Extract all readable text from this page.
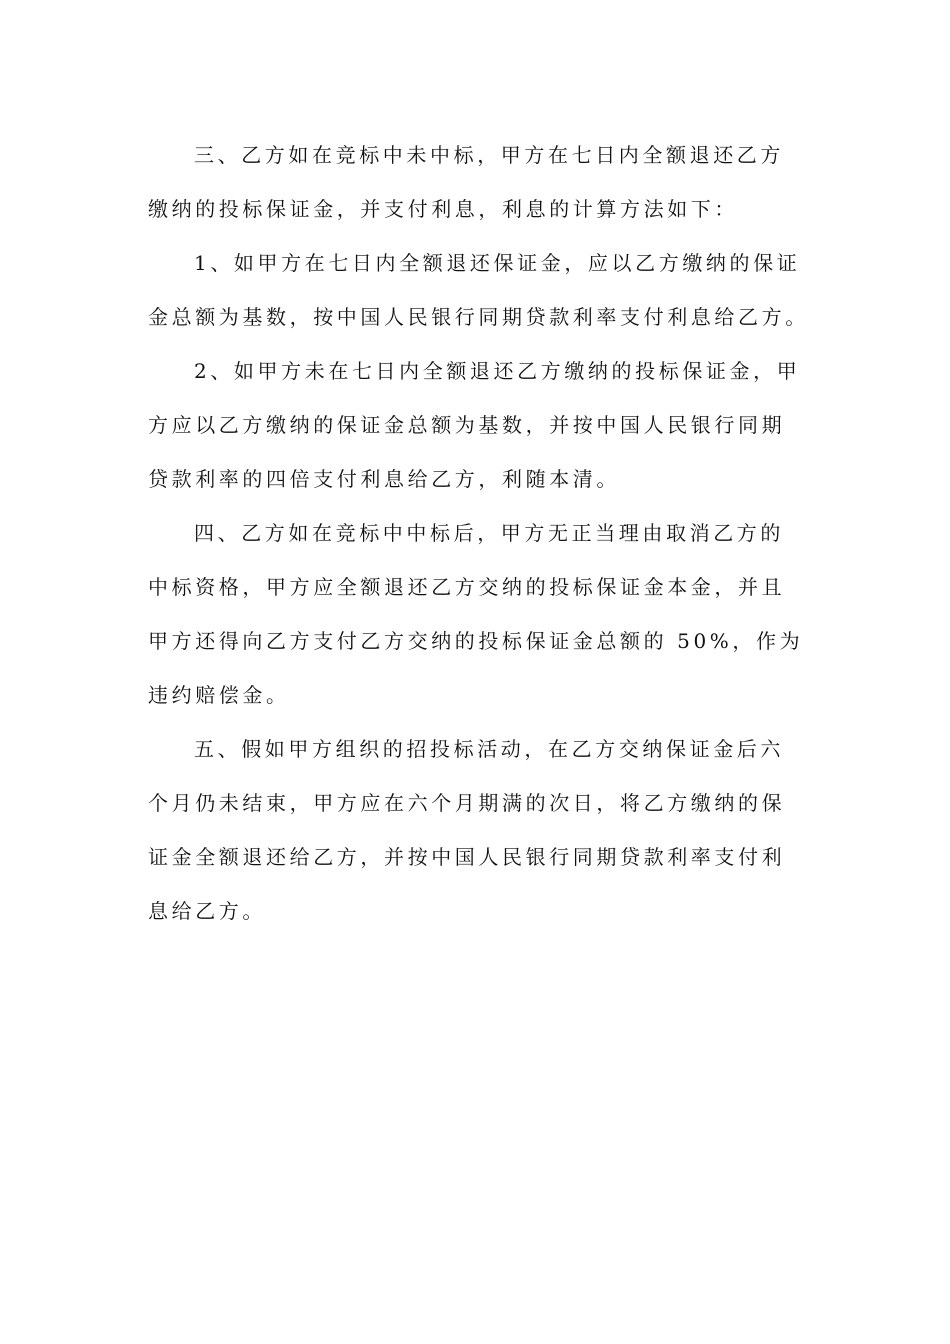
三、乙方如在竞标中未中标，甲方在七日内全额退还乙方
缴纳的投标保证金，并支付利息，利息的计算方法如下：
1、如甲方在七日内全额退还保证金，应以乙方缴纳的保证
金总额为基数，按中国人民银行同期贷款利率支付利息给乙方。
2、如甲方未在七日内全额退还乙方缴纳的投标保证金，甲
方应以乙方缴纳的保证金总额为基数，并按中国人民银行同期
贷款利率的四倍支付利息给乙方，利随本清。
四、乙方如在竞标中中标后，甲方无正当理由取消乙方的
中标资格，甲方应全额退还乙方交纳的投标保证金本金，并且
甲方还得向乙方支付乙方交纳的投标保证金总额的 50%，作为
违约赔偿金。
五、假如甲方组织的招投标活动，在乙方交纳保证金后六
个月仍未结束，甲方应在六个月期满的次日，将乙方缴纳的保
证金全额退还给乙方，并按中国人民银行同期贷款利率支付利
息给乙方。
